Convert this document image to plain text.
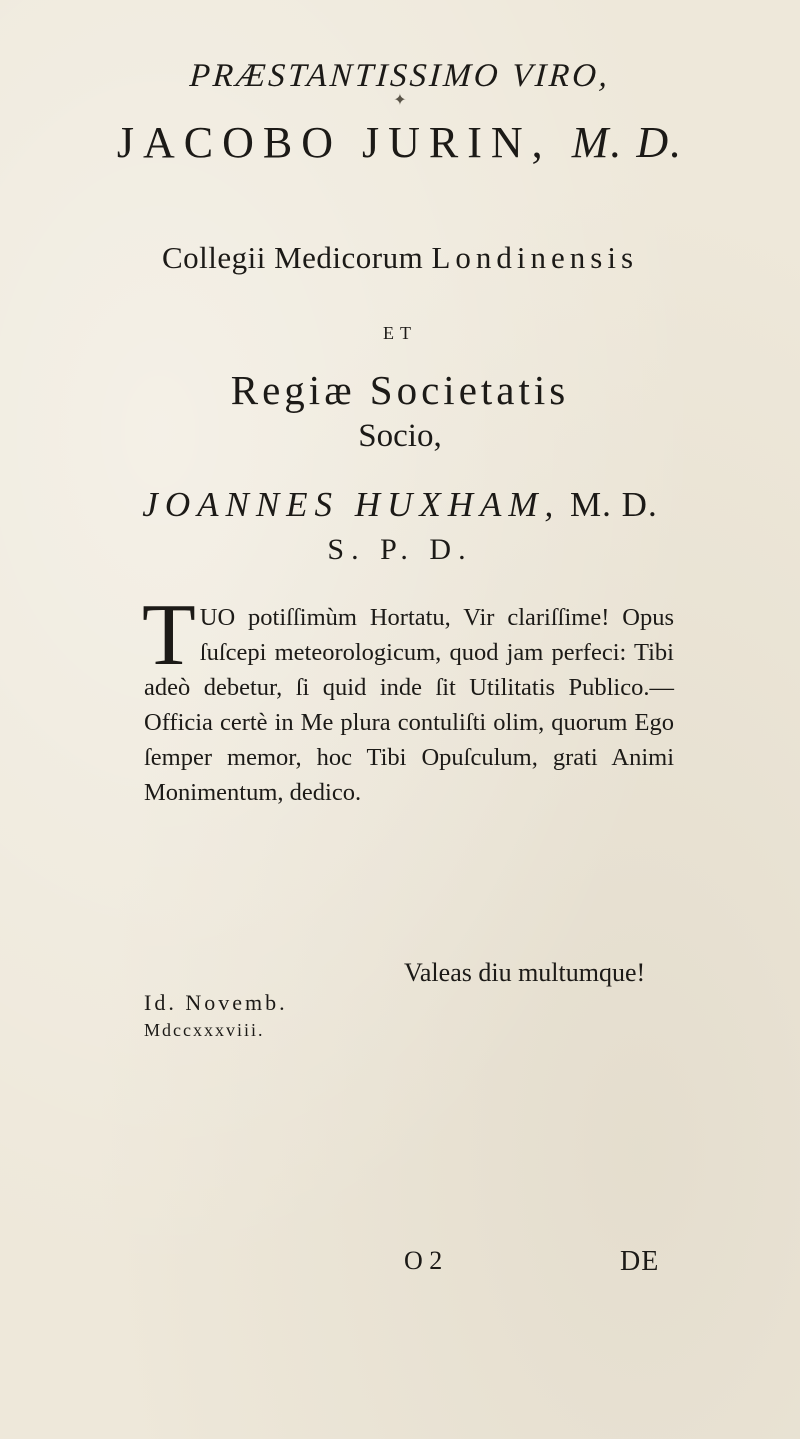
PRÆSTANTISSIMO VIRO,
✦
JACOBO JURIN, M. D.
Collegii Medicorum Londinensis
ET
Regiæ Societatis
Socio,
JOANNES HUXHAM, M. D.
S. P. D.
T UO potiſſimùm Hortatu, Vir clariſſime! Opus ſuſcepi meteorologicum, quod jam perfeci: Tibi adeò debetur, ſi quid inde ſit Utilitatis Publico.— Officia certè in Me plura contuliſti olim, quorum Ego ſemper memor, hoc Tibi Opuſculum, grati Animi Monimentum, dedico.

Valeas diu multumque!
Id. Novemb.
Mdccxxxviii.
O 2	DE
